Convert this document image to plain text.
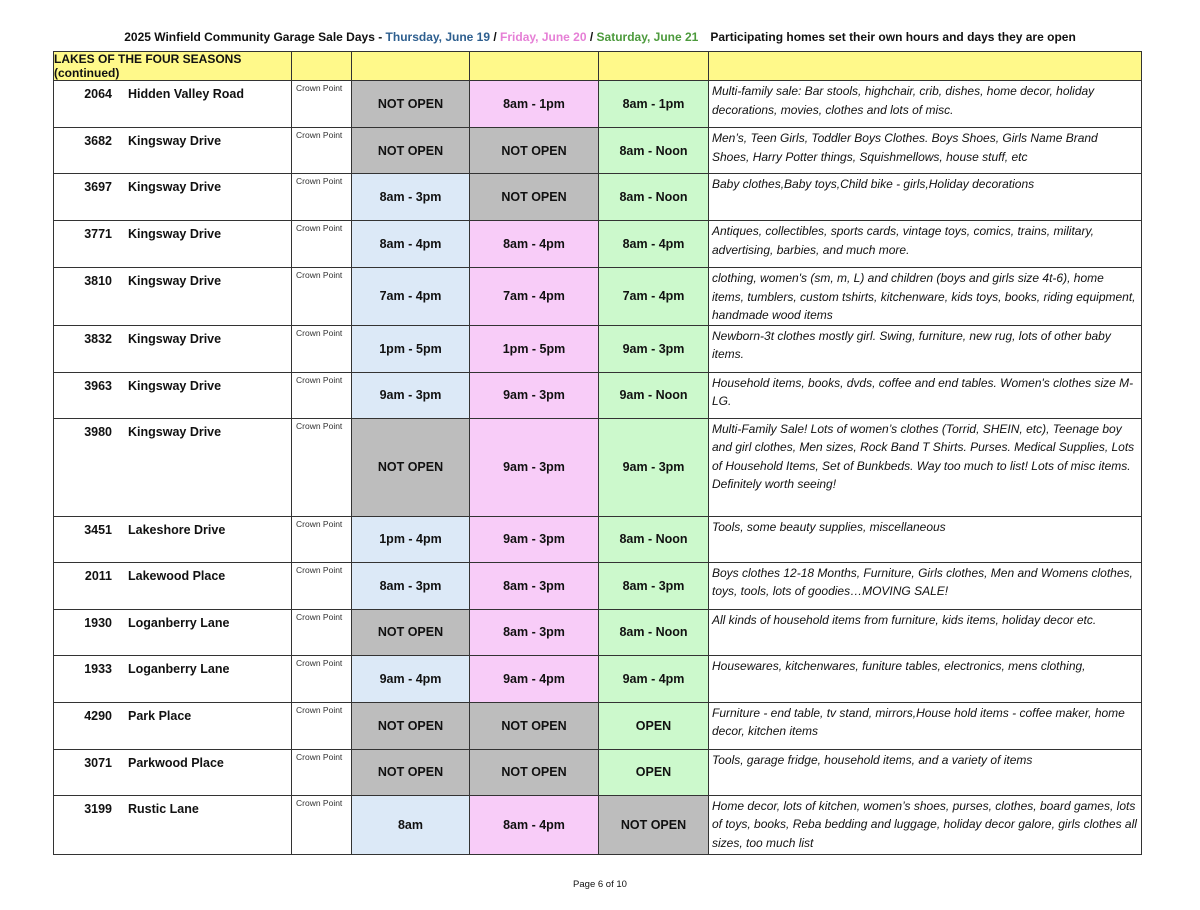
2025 Winfield Community Garage Sale Days - Thursday, June 19 / Friday, June 20 / Saturday, June 21 Participating homes set their own hours and days they are open
LAKES OF THE FOUR SEASONS (continued)					
2064 Hidden Valley Road	Crown Point	NOT OPEN	8am - 1pm	8am - 1pm	Multi-family sale: Bar stools, highchair, crib, dishes, home decor, holiday decorations, movies, clothes and lots of misc.
3682 Kingsway Drive	Crown Point	NOT OPEN	NOT OPEN	8am - Noon	Men’s, Teen Girls, Toddler Boys Clothes. Boys Shoes, Girls Name Brand Shoes, Harry Potter things, Squishmellows, house stuff, etc
3697 Kingsway Drive	Crown Point	8am - 3pm	NOT OPEN	8am - Noon	Baby clothes,Baby toys,Child bike - girls,Holiday decorations
3771 Kingsway Drive	Crown Point	8am - 4pm	8am - 4pm	8am - 4pm	Antiques, collectibles, sports cards, vintage toys, comics, trains, military, advertising, barbies, and much more.
3810 Kingsway Drive	Crown Point	7am - 4pm	7am - 4pm	7am - 4pm	clothing, women's (sm, m, L) and children (boys and girls size 4t-6), home items, tumblers, custom tshirts, kitchenware, kids toys, books, riding equipment, handmade wood items
3832 Kingsway Drive	Crown Point	1pm - 5pm	1pm - 5pm	9am - 3pm	Newborn-3t clothes mostly girl. Swing, furniture, new rug, lots of other baby items.
3963 Kingsway Drive	Crown Point	9am - 3pm	9am - 3pm	9am - Noon	Household items, books, dvds, coffee and end tables. Women's clothes size M-LG.
3980 Kingsway Drive	Crown Point	NOT OPEN	9am - 3pm	9am - 3pm	Multi-Family Sale! Lots of women’s clothes (Torrid, SHEIN, etc), Teenage boy and girl clothes, Men sizes, Rock Band T Shirts. Purses. Medical Supplies, Lots of Household Items, Set of Bunkbeds. Way too much to list! Lots of misc items. Definitely worth seeing!
3451 Lakeshore Drive	Crown Point	1pm - 4pm	9am - 3pm	8am - Noon	Tools, some beauty supplies, miscellaneous
2011 Lakewood Place	Crown Point	8am - 3pm	8am - 3pm	8am - 3pm	Boys clothes 12-18 Months, Furniture, Girls clothes, Men and Womens clothes, toys, tools, lots of goodies…MOVING SALE!
1930 Loganberry Lane	Crown Point	NOT OPEN	8am - 3pm	8am - Noon	All kinds of household items from furniture, kids items, holiday decor etc.
1933 Loganberry Lane	Crown Point	9am - 4pm	9am - 4pm	9am - 4pm	Housewares, kitchenwares, funiture tables, electronics, mens clothing,
4290 Park Place	Crown Point	NOT OPEN	NOT OPEN	OPEN	Furniture - end table, tv stand, mirrors,House hold items - coffee maker, home decor, kitchen items
3071 Parkwood Place	Crown Point	NOT OPEN	NOT OPEN	OPEN	Tools, garage fridge, household items, and a variety of items
3199 Rustic Lane	Crown Point	8am	8am - 4pm	NOT OPEN	Home decor, lots of kitchen, women’s shoes, purses, clothes, board games, lots of toys, books, Reba bedding and luggage, holiday decor galore, girls clothes all sizes, too much list
Page 6 of 10
